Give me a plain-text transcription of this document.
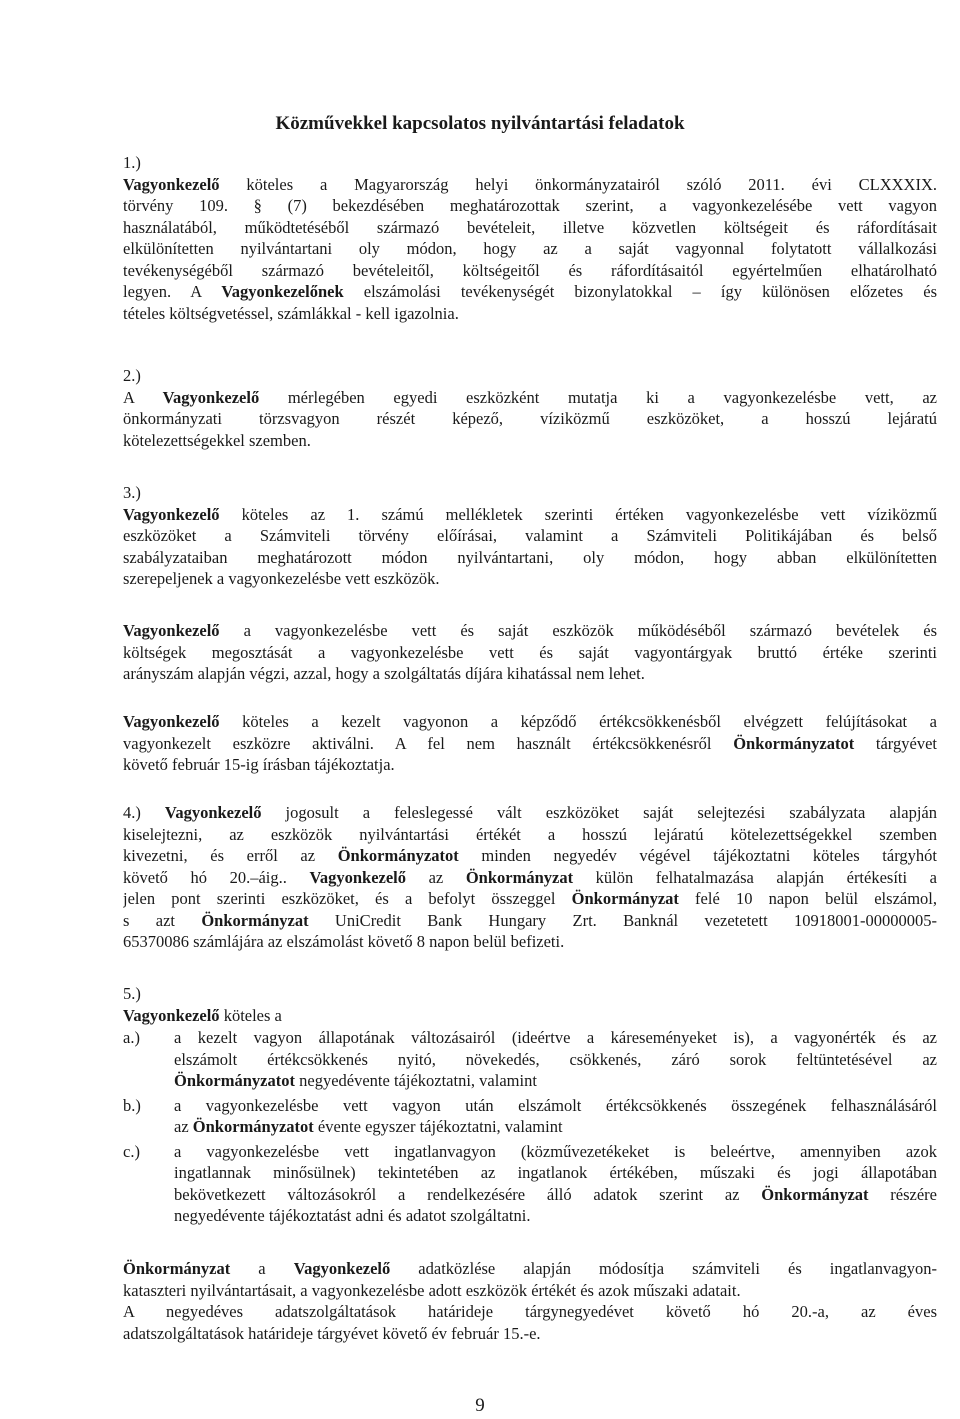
Közművekkel kapcsolatos nyilvántartási feladatok
1.)
Vagyonkezelő köteles a Magyarország helyi önkormányzatairól szóló 2011. évi CLXXXIX.
törvény 109. § (7) bekezdésében meghatározottak szerint, a vagyonkezelésébe vett vagyon
használatából, működtetéséből származó bevételeit, illetve közvetlen költségeit és ráfordításait
elkülönítetten nyilvántartani oly módon, hogy az a saját vagyonnal folytatott vállalkozási
tevékenységéből származó bevételeitől, költségeitől és ráfordításaitól egyértelműen elhatárolható
legyen. A Vagyonkezelőnek elszámolási tevékenységét bizonylatokkal – így különösen előzetes és
tételes költségvetéssel, számlákkal - kell igazolnia.
2.)
A Vagyonkezelő mérlegében egyedi eszközként mutatja ki a vagyonkezelésbe vett, az
önkormányzati törzsvagyon részét képező, víziközmű eszközöket, a hosszú lejáratú
kötelezettségekkel szemben.
3.)
Vagyonkezelő köteles az 1. számú mellékletek szerinti értéken vagyonkezelésbe vett víziközmű
eszközöket a Számviteli törvény előírásai, valamint a Számviteli Politikájában és belső
szabályzataiban meghatározott módon nyilvántartani, oly módon, hogy abban elkülönítetten
szerepeljenek a vagyonkezelésbe vett eszközök.
Vagyonkezelő a vagyonkezelésbe vett és saját eszközök működéséből származó bevételek és
költségek megosztását a vagyonkezelésbe vett és saját vagyontárgyak bruttó értéke szerinti
arányszám alapján végzi, azzal, hogy a szolgáltatás díjára kihatással nem lehet.
Vagyonkezelő köteles a kezelt vagyonon a képződő értékcsökkenésből elvégzett felújításokat a
vagyonkezelt eszközre aktiválni. A fel nem használt értékcsökkenésről Önkormányzatot tárgyévet
követő február 15-ig írásban tájékoztatja.
4.) Vagyonkezelő jogosult a feleslegessé vált eszközöket saját selejtezési szabályzata alapján
kiselejtezni, az eszközök nyilvántartási értékét a hosszú lejáratú kötelezettségekkel szemben
kivezetni, és erről az Önkormányzatot minden negyedév végével tájékoztatni köteles tárgyhót
követő hó 20.–áig.. Vagyonkezelő az Önkormányzat külön felhatalmazása alapján értékesíti a
jelen pont szerinti eszközöket, és a befolyt összeggel Önkormányzat felé 10 napon belül elszámol,
s azt Önkormányzat UniCredit Bank Hungary Zrt. Banknál vezetetett 10918001-00000005-
65370086 számlájára az elszámolást követő 8 napon belül befizeti.
5.)
Vagyonkezelő köteles a
a.)	a kezelt vagyon állapotának változásairól (ideértve a káreseményeket is), a vagyonérték és az
elszámolt értékcsökkenés nyitó, növekedés, csökkenés, záró sorok feltüntetésével az
Önkormányzatot negyedévente tájékoztatni, valamint
b.)	a vagyonkezelésbe vett vagyon után elszámolt értékcsökkenés összegének felhasználásáról
az Önkormányzatot évente egyszer tájékoztatni, valamint
c.)	a vagyonkezelésbe vett ingatlanvagyon (közművezetékeket is beleértve, amennyiben azok
ingatlannak minősülnek) tekintetében az ingatlanok értékében, műszaki és jogi állapotában
bekövetkezett változásokról a rendelkezésére álló adatok szerint az Önkormányzat részére
negyedévente tájékoztatást adni és adatot szolgáltatni.
Önkormányzat a Vagyonkezelő adatközlése alapján módosítja számviteli és ingatlanvagyon-
kataszteri nyilvántartásait, a vagyonkezelésbe adott eszközök értékét és azok műszaki adatait.
A negyedéves adatszolgáltatások határideje tárgynegyedévet követő hó 20.-a, az éves
adatszolgáltatások határideje tárgyévet követő év február 15.-e.
9
